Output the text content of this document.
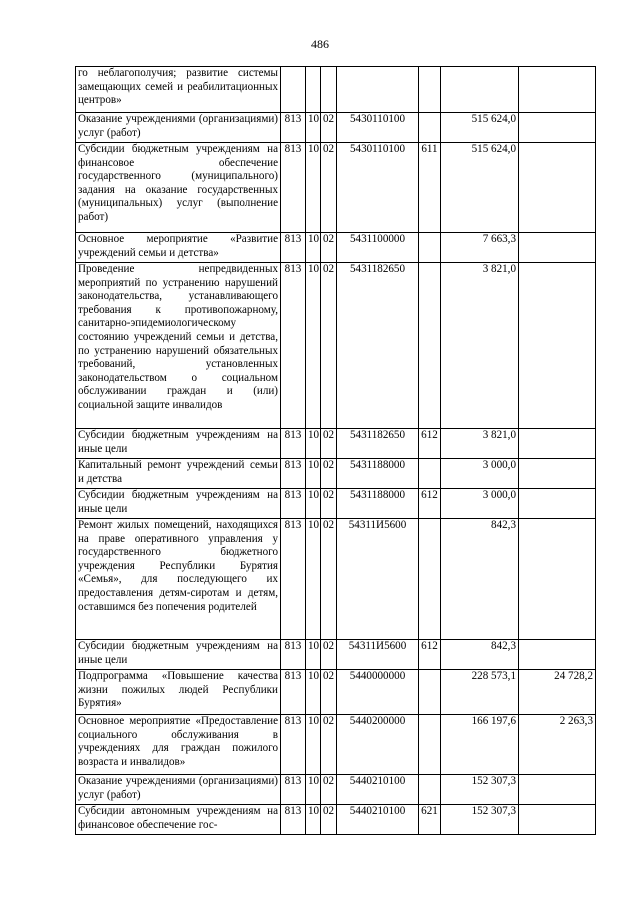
486
го неблагополучия; развитие системы замещающих семей и реабилитационных центров»							
Оказание учреждениями (организациями) услуг (работ)	813	10	02	5430110100		515 624,0	
Субсидии бюджетным учреждениям на финансовое обеспечение государственного (муниципального) задания на оказание государственных (муниципальных) услуг (выполнение работ)	813	10	02	5430110100	611	515 624,0	
Основное мероприятие «Развитие учреждений семьи и детства»	813	10	02	5431100000		7 663,3	
Проведение непредвиденных мероприятий по устранению нарушений законодательства, устанавливающего требования к противопожарному, санитарно-эпидемиологическому состоянию учреждений семьи и детства, по устранению нарушений обязательных требований, установленных законодательством о социальном обслуживании граждан и (или) социальной защите инвалидов	813	10	02	5431182650		3 821,0	
Субсидии бюджетным учреждениям на иные цели	813	10	02	5431182650	612	3 821,0	
Капитальный ремонт учреждений семьи и детства	813	10	02	5431188000		3 000,0	
Субсидии бюджетным учреждениям на иные цели	813	10	02	5431188000	612	3 000,0	
Ремонт жилых помещений, находящихся на праве оперативного управления у государственного бюджетного учреждения Республики Бурятия «Семья», для последующего их предоставления детям-сиротам и детям, оставшимся без попечения родителей	813	10	02	54311И5600		842,3	
Субсидии бюджетным учреждениям на иные цели	813	10	02	54311И5600	612	842,3	
Подпрограмма «Повышение качества жизни пожилых людей Республики Бурятия»	813	10	02	5440000000		228 573,1	24 728,2
Основное мероприятие «Предоставление социального обслуживания в учреждениях для граждан пожилого возраста и инвалидов»	813	10	02	5440200000		166 197,6	2 263,3
Оказание учреждениями (организациями) услуг (работ)	813	10	02	5440210100		152 307,3	
Субсидии автономным учреждениям на финансовое обеспечение гос-	813	10	02	5440210100	621	152 307,3	
